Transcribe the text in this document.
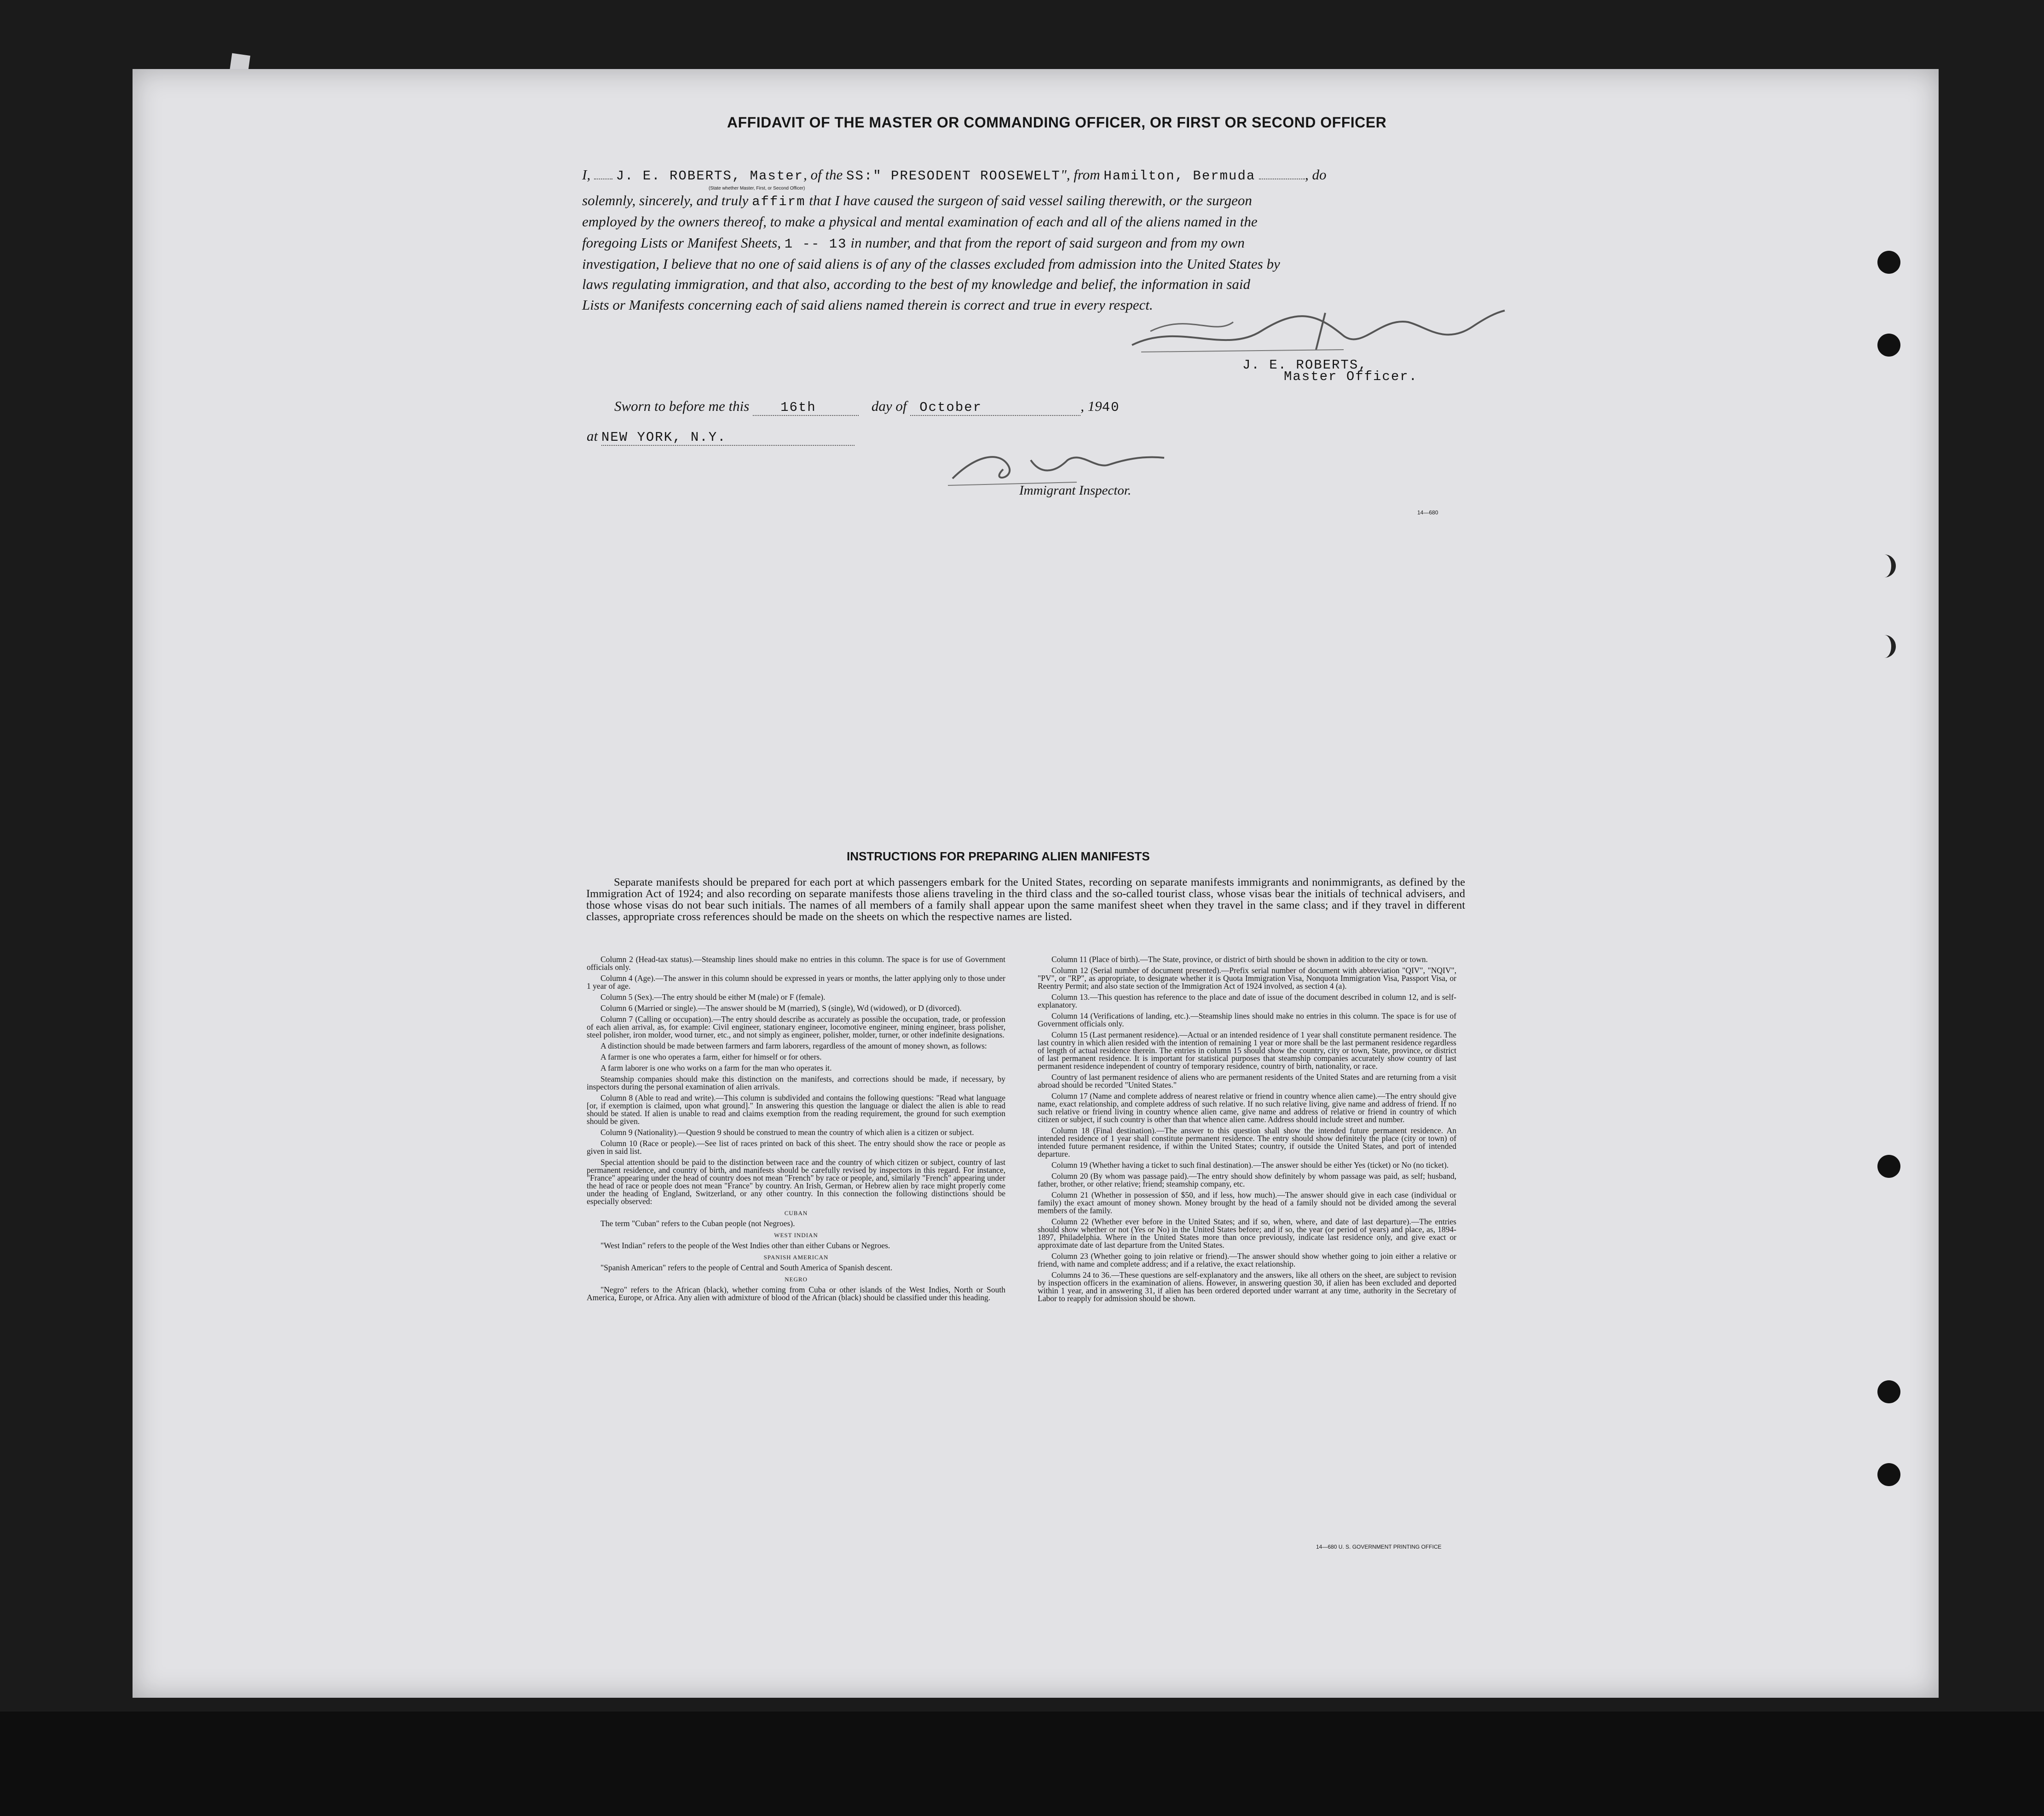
AFFIDAVIT OF THE MASTER OR COMMANDING OFFICER, OR FIRST OR SECOND OFFICER
I, J. E. ROBERTS, Master, of the SS:" PRESODENT ROOSEWELT", from Hamilton, Bermuda	, do
(State whether Master, First, or Second Officer)
solemnly, sincerely, and truly affirm that I have caused the surgeon of said vessel sailing therewith, or the surgeon
employed by the owners thereof, to make a physical and mental examination of each and all of the aliens named in the
foregoing Lists or Manifest Sheets, 1 -- 13 in number, and that from the report of said surgeon and from my own
investigation, I believe that no one of said aliens is of any of the classes excluded from admission into the United States by
laws regulating immigration, and that also, according to the best of my knowledge and belief, the information in said
Lists or Manifests concerning each of said aliens named therein is correct and true in every respect.
J. E. ROBERTS,
Master Officer.
Sworn to before me this 16th	day of October	, 1940
at NEW YORK, N.Y.
Immigrant Inspector.
14—680
INSTRUCTIONS FOR PREPARING ALIEN MANIFESTS
Separate manifests should be prepared for each port at which passengers embark for the United States, recording on separate manifests immigrants and nonimmigrants, as defined by the Immigration Act of 1924; and also recording on separate manifests those aliens traveling in the third class and the so-called tourist class, whose visas bear the initials of technical advisers, and those whose visas do not bear such initials. The names of all members of a family shall appear upon the same manifest sheet when they travel in the same class; and if they travel in different classes, appropriate cross references should be made on the sheets on which the respective names are listed.

Column 2 (Head-tax status).—Steamship lines should make no entries in this column. The space is for use of Government officials only.

Column 4 (Age).—The answer in this column should be expressed in years or months, the latter applying only to those under 1 year of age.

Column 5 (Sex).—The entry should be either M (male) or F (female).

Column 6 (Married or single).—The answer should be M (married), S (single), Wd (widowed), or D (divorced).

Column 7 (Calling or occupation).—The entry should describe as accurately as possible the occupation, trade, or profession of each alien arrival, as, for example: Civil engineer, stationary engineer, locomotive engineer, mining engineer, brass polisher, steel polisher, iron molder, wood turner, etc., and not simply as engineer, polisher, molder, turner, or other indefinite designations.

A distinction should be made between farmers and farm laborers, regardless of the amount of money shown, as follows:

A farmer is one who operates a farm, either for himself or for others.

A farm laborer is one who works on a farm for the man who operates it.

Steamship companies should make this distinction on the manifests, and corrections should be made, if necessary, by inspectors during the personal examination of alien arrivals.

Column 8 (Able to read and write).—This column is subdivided and contains the following questions: "Read what language [or, if exemption is claimed, upon what ground]." In answering this question the language or dialect the alien is able to read should be stated. If alien is unable to read and claims exemption from the reading requirement, the ground for such exemption should be given.

Column 9 (Nationality).—Question 9 should be construed to mean the country of which alien is a citizen or subject.

Column 10 (Race or people).—See list of races printed on back of this sheet. The entry should show the race or people as given in said list.

Special attention should be paid to the distinction between race and the country of which citizen or subject, country of last permanent residence, and country of birth, and manifests should be carefully revised by inspectors in this regard. For instance, "France" appearing under the head of country does not mean "French" by race or people, and, similarly "French" appearing under the head of race or people does not mean "France" by country. An Irish, German, or Hebrew alien by race might properly come under the heading of England, Switzerland, or any other country. In this connection the following distinctions should be especially observed:

CUBAN

The term "Cuban" refers to the Cuban people (not Negroes).

WEST INDIAN

"West Indian" refers to the people of the West Indies other than either Cubans or Negroes.

SPANISH AMERICAN

"Spanish American" refers to the people of Central and South America of Spanish descent.

NEGRO

"Negro" refers to the African (black), whether coming from Cuba or other islands of the West Indies, North or South America, Europe, or Africa. Any alien with admixture of blood of the African (black) should be classified under this heading.

Column 11 (Place of birth).—The State, province, or district of birth should be shown in addition to the city or town.

Column 12 (Serial number of document presented).—Prefix serial number of document with abbreviation "QIV", "NQIV", "PV", or "RP", as appropriate, to designate whether it is Quota Immigration Visa, Nonquota Immigration Visa, Passport Visa, or Reentry Permit; and also state section of the Immigration Act of 1924 involved, as section 4 (a).

Column 13.—This question has reference to the place and date of issue of the document described in column 12, and is self-explanatory.

Column 14 (Verifications of landing, etc.).—Steamship lines should make no entries in this column. The space is for use of Government officials only.

Column 15 (Last permanent residence).—Actual or an intended residence of 1 year shall constitute permanent residence. The last country in which alien resided with the intention of remaining 1 year or more shall be the last permanent residence regardless of length of actual residence therein. The entries in column 15 should show the country, city or town, State, province, or district of last permanent residence. It is important for statistical purposes that steamship companies accurately show country of last permanent residence independent of country of temporary residence, country of birth, nationality, or race.

Country of last permanent residence of aliens who are permanent residents of the United States and are returning from a visit abroad should be recorded "United States."

Column 17 (Name and complete address of nearest relative or friend in country whence alien came).—The entry should give name, exact relationship, and complete address of such relative. If no such relative living, give name and address of friend. If no such relative or friend living in country whence alien came, give name and address of relative or friend in country of which citizen or subject, if such country is other than that whence alien came. Address should include street and number.

Column 18 (Final destination).—The answer to this question shall show the intended future permanent residence. An intended residence of 1 year shall constitute permanent residence. The entry should show definitely the place (city or town) of intended future permanent residence, if within the United States; country, if outside the United States, and port of intended departure.

Column 19 (Whether having a ticket to such final destination).—The answer should be either Yes (ticket) or No (no ticket).

Column 20 (By whom was passage paid).—The entry should show definitely by whom passage was paid, as self; husband, father, brother, or other relative; friend; steamship company, etc.

Column 21 (Whether in possession of $50, and if less, how much).—The answer should give in each case (individual or family) the exact amount of money shown. Money brought by the head of a family should not be divided among the several members of the family.

Column 22 (Whether ever before in the United States; and if so, when, where, and date of last departure).—The entries should show whether or not (Yes or No) in the United States before; and if so, the year (or period of years) and place, as, 1894-1897, Philadelphia. Where in the United States more than once previously, indicate last residence only, and give exact or approximate date of last departure from the United States.

Column 23 (Whether going to join relative or friend).—The answer should show whether going to join either a relative or friend, with name and complete address; and if a relative, the exact relationship.

Columns 24 to 36.—These questions are self-explanatory and the answers, like all others on the sheet, are subject to revision by inspection officers in the examination of aliens. However, in answering question 30, if alien has been excluded and deported within 1 year, and in answering 31, if alien has been ordered deported under warrant at any time, authority in the Secretary of Labor to reapply for admission should be shown.

14—680 U. S. GOVERNMENT PRINTING OFFICE
